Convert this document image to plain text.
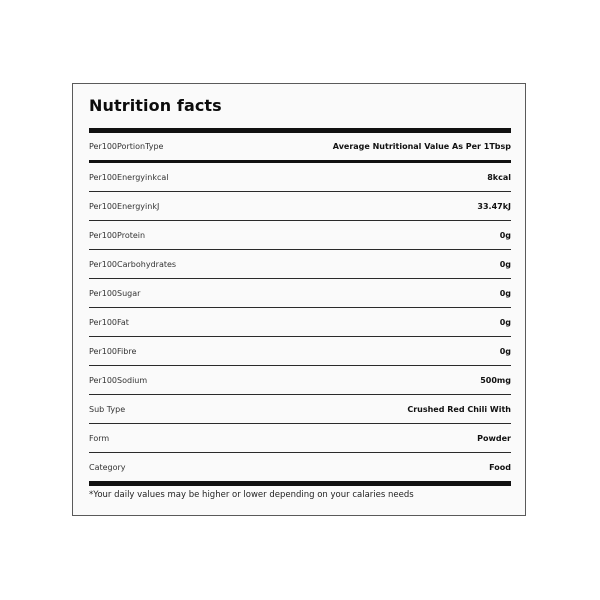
Nutrition facts
Per100PortionType	Average Nutritional Value As Per 1Tbsp
Per100Energyinkcal	8kcal
Per100EnergyinkJ	33.47kJ
Per100Protein	0g
Per100Carbohydrates	0g
Per100Sugar	0g
Per100Fat	0g
Per100Fibre	0g
Per100Sodium	500mg
Sub Type	Crushed Red Chili With
Form	Powder
Category	Food
*Your daily values may be higher or lower depending on your calaries needs
